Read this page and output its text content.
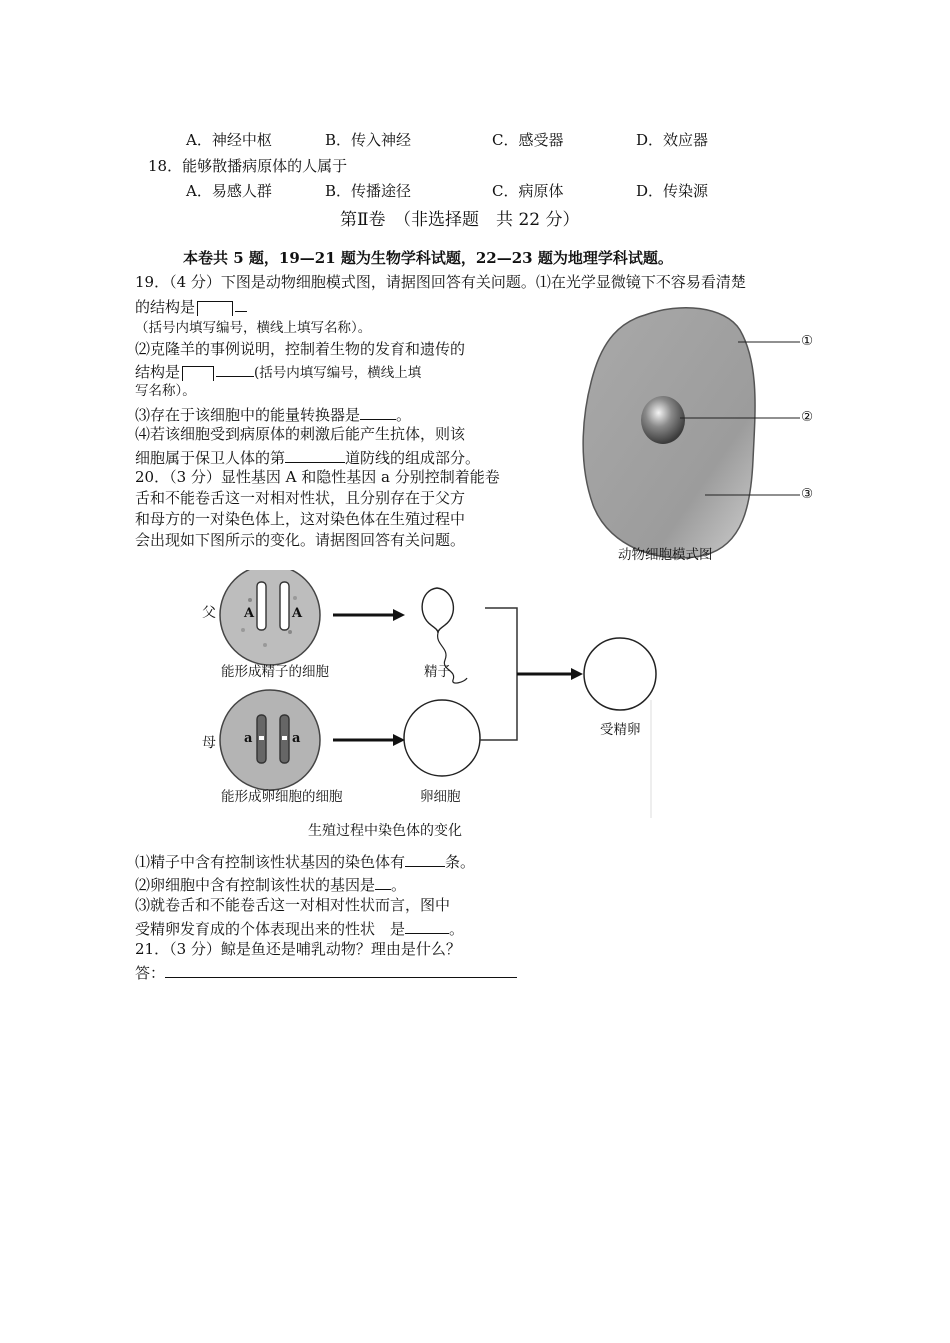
A．神经中枢	B．传入神经	C．感受器	D．效应器
18．能够散播病原体的人属于
A．易感人群	B．传播途径	C．病原体	D．传染源
第Ⅱ卷　（非选择题　共 22 分）
本卷共 5 题，19—21 题为生物学科试题，22—23 题为地理学科试题。
19．（4 分）下图是动物细胞模式图，请据图回答有关问题。⑴在光学显微镜下不容易看清楚
的结构是
（括号内填写编号，横线上填写名称）。
⑵克隆羊的事例说明，控制着生物的发育和遗传的
结构是	(括号内填写编号，横线上填
写名称）。
⑶存在于该细胞中的能量转换器是 。
⑷若该细胞受到病原体的刺激后能产生抗体，则该
细胞属于保卫人体的第	道防线的组成部分。
①
②
③
动物细胞模式图
20．（3 分）显性基因 A 和隐性基因 a 分别控制着能卷
舌和不能卷舌这一对相对性状，且分别存在于父方
和母方的一对染色体上，这对染色体在生殖过程中
会出现如下图所示的变化。请据图回答有关问题。
父
母
A	A
a	a
能形成精子的细胞
能形成卵细胞的细胞
精子
卵细胞
受精卵
生殖过程中染色体的变化
⑴精子中含有控制该性状基因的染色体有	条。
⑵卵细胞中含有控制该性状的基因是 。
⑶就卷舌和不能卷舌这一对相对性状而言，图中
受精卵发育成的个体表现出来的性状　是	。
21．（3 分）鲸是鱼还是哺乳动物？理由是什么？
答：
